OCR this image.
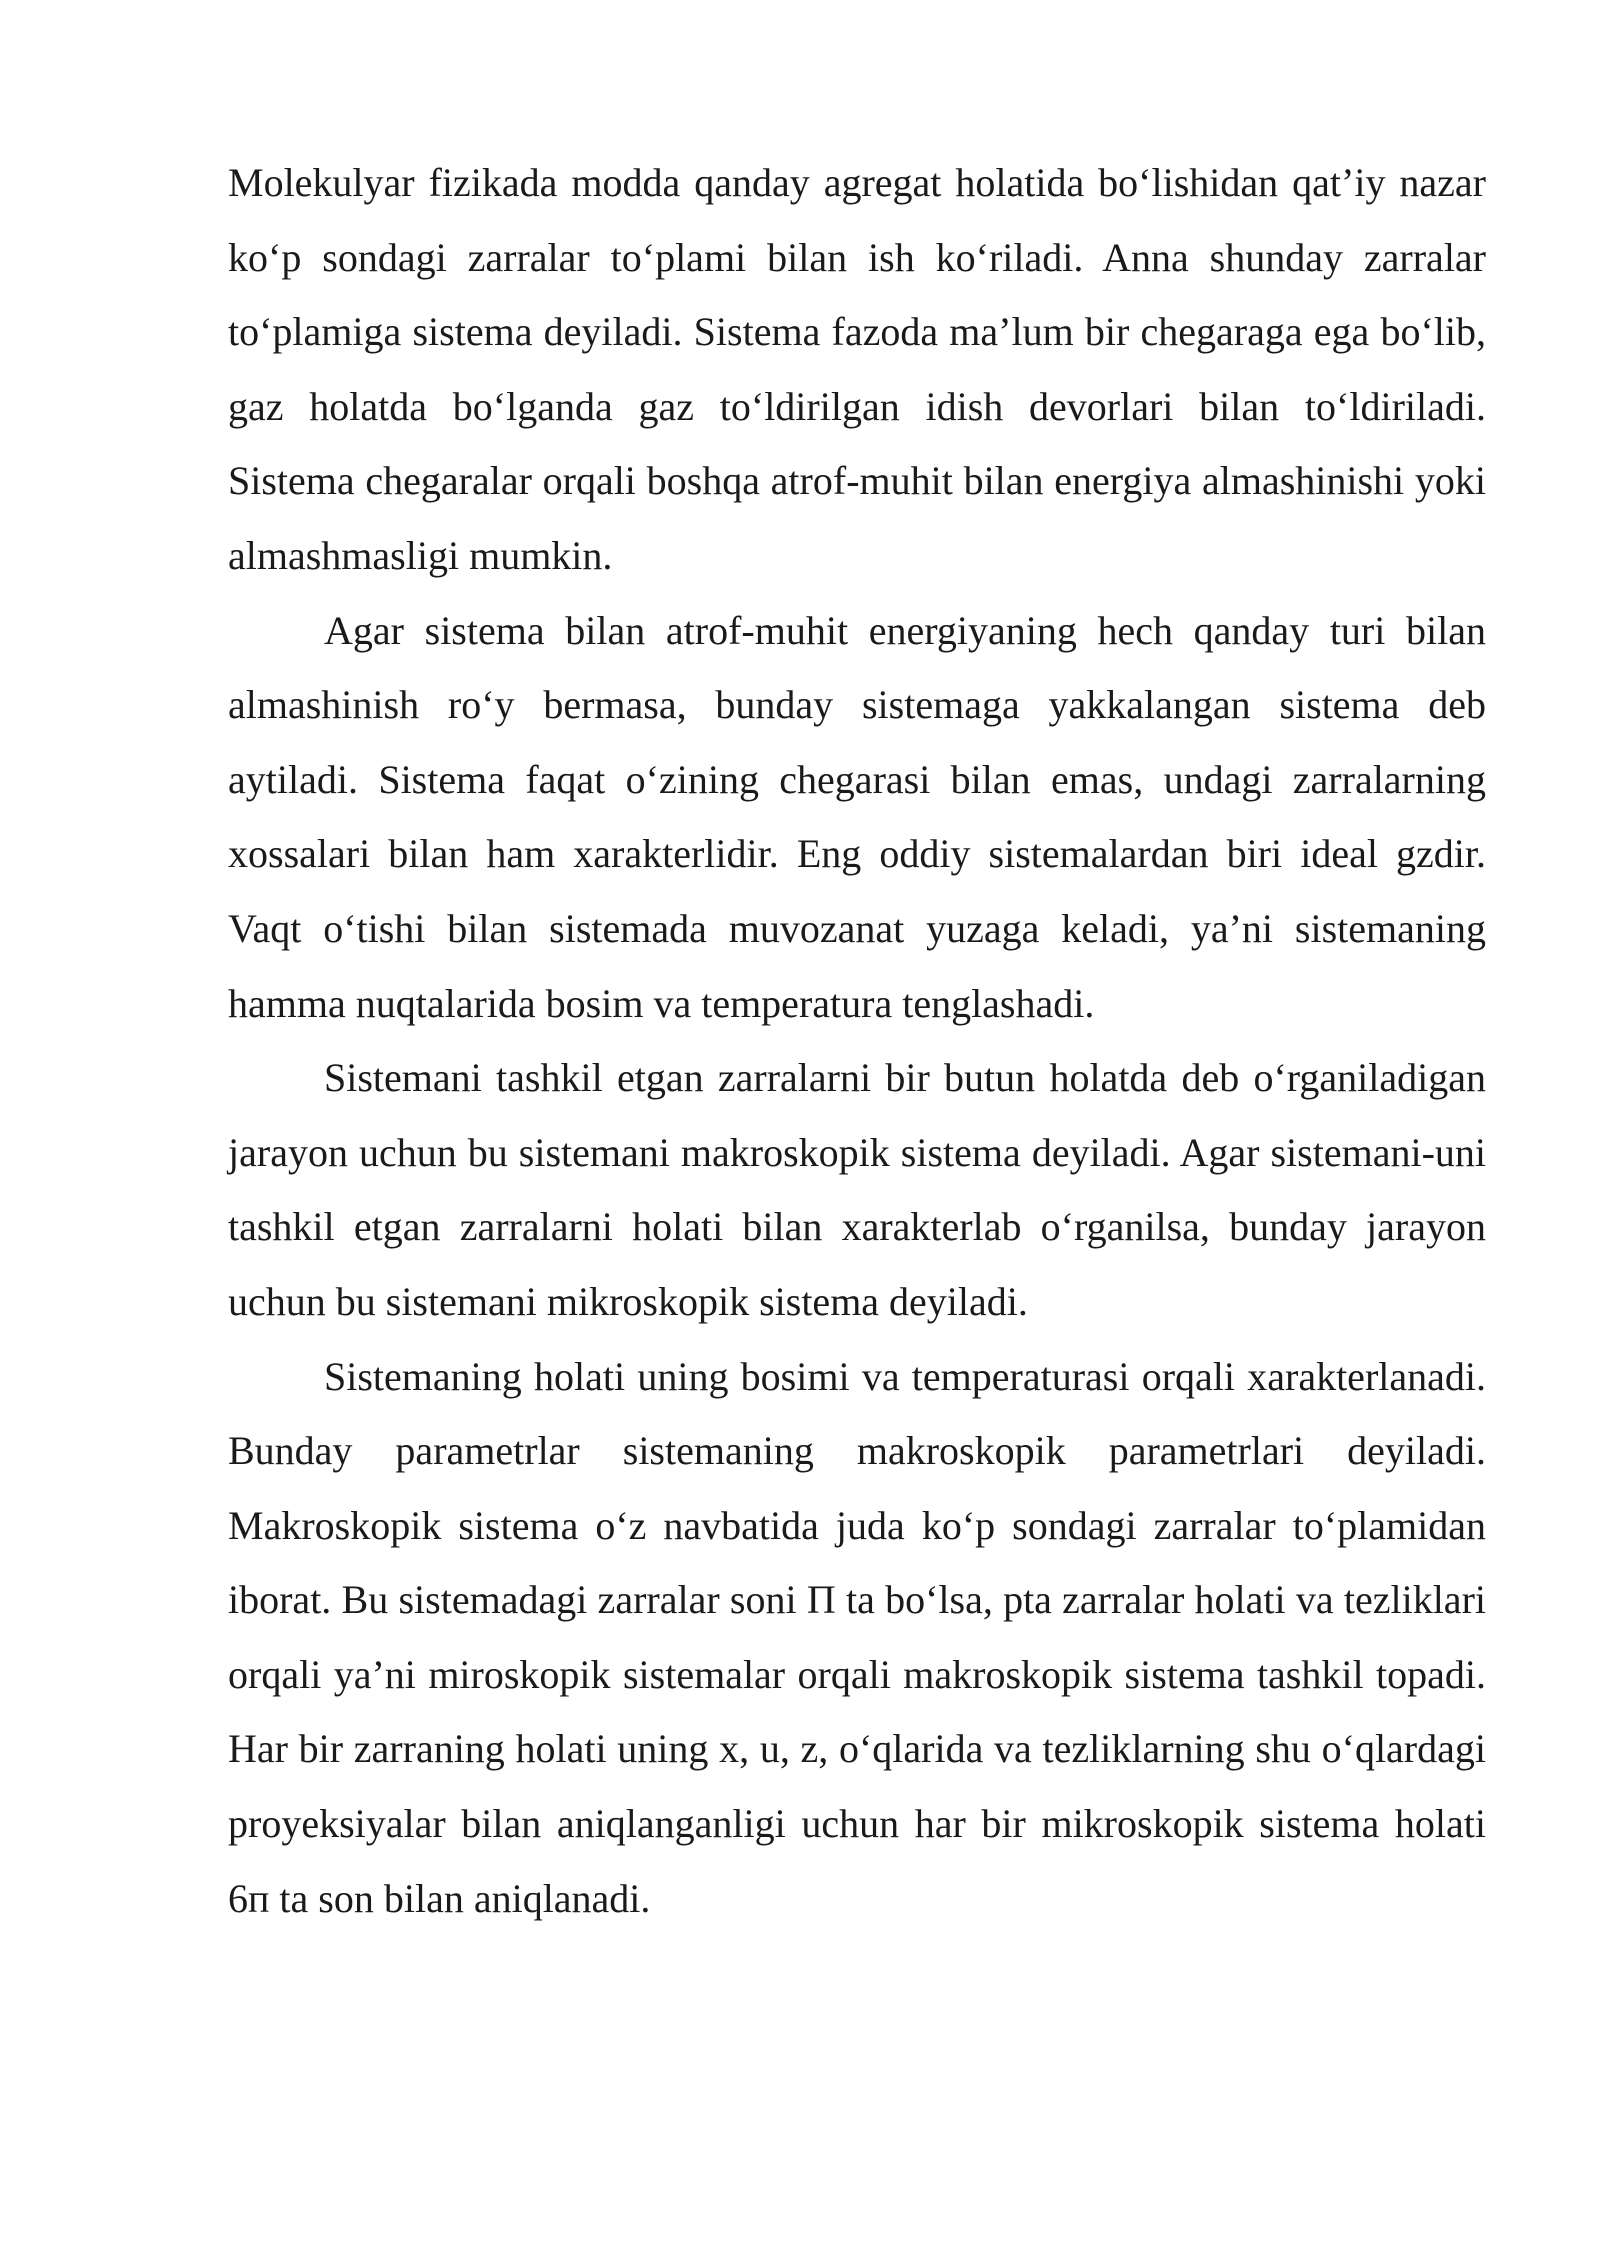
Molekulyar fizikada modda qanday agregat holatida bo‘lishidan qat’iy nazar ko‘p sondagi zarralar to‘plami bilan ish ko‘riladi. Anna shunday zarralar to‘plamiga sistema deyiladi. Sistema fazoda ma’lum bir chegaraga ega bo‘lib, gaz holatda bo‘lganda gaz to‘ldirilgan idish devorlari bilan to‘ldiriladi. Sistema chegaralar orqali boshqa atrof-muhit bilan energiya almashinishi yoki almashmasligi mumkin.

Agar sistema bilan atrof-muhit energiyaning hech qanday turi bilan almashinish ro‘y bermasa, bunday sistemaga yakkalangan sistema deb aytiladi. Sistema faqat o‘zining chegarasi bilan emas, undagi zarralarning xossalari bilan ham xarakterlidir. Eng oddiy sistemalardan biri ideal gzdir. Vaqt o‘tishi bilan sistemada muvozanat yuzaga keladi, ya’ni sistemaning hamma nuqtalarida bosim va temperatura tenglashadi.

Sistemani tashkil etgan zarralarni bir butun holatda deb o‘rganiladigan jarayon uchun bu sistemani makroskopik sistema deyiladi. Agar sistemani-uni tashkil etgan zarralarni holati bilan xarakterlab o‘rganilsa, bunday jarayon uchun bu sistemani mikroskopik sistema deyiladi.

Sistemaning holati uning bosimi va temperaturasi orqali xarakterlanadi. Bunday parametrlar sistemaning makroskopik parametrlari deyiladi. Makroskopik sistema o‘z navbatida juda ko‘p sondagi zarralar to‘plamidan iborat. Bu sistemadagi zarralar soni Π ta bo‘lsa, pta zarralar holati va tezliklari orqali ya’ni miroskopik sistemalar orqali makroskopik sistema tashkil topadi. Har bir zarraning holati uning x, u, z, o‘qlarida va tezliklarning shu o‘qlardagi proyeksiyalar bilan aniqlanganligi uchun har bir mikroskopik sistema holati 6п ta son bilan aniqlanadi.
